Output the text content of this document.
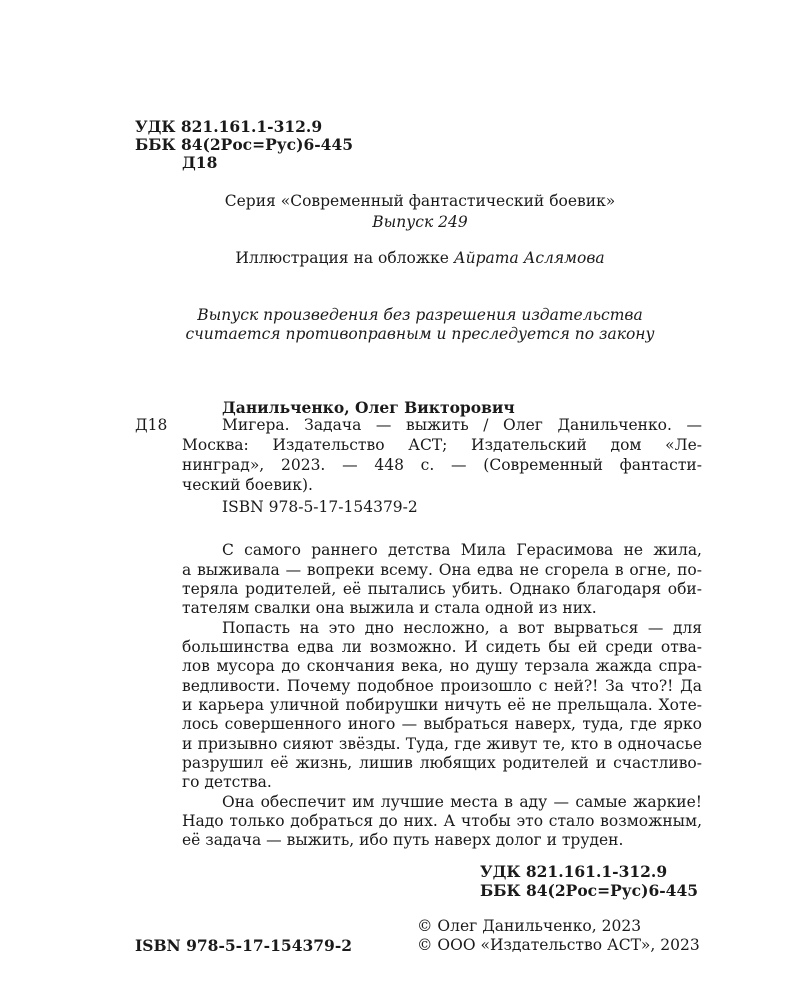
УДК 821.161.1-312.9
ББК 84(2Рос=Рус)6-445
Д18
Серия «Современный фантастический боевик»
Выпуск 249
Иллюстрация на обложке Айрата Аслямова
Выпуск произведения без разрешения издательства
считается противоправным и преследуется по закону
Данильченко, Олег Викторович
Д18	Мигера. Задача — выжить / Олег Данильченко. —
Москва: Издательство АСТ; Издательский дом «Ле-
нинград», 2023. — 448 с. — (Современный фантасти-
ческий боевик).
ISBN 978-5-17-154379-2
С самого раннего детства Мила Герасимова не жила,
а выживала — вопреки всему. Она едва не сгорела в огне, по-
теряла родителей, её пытались убить. Однако благодаря оби-
тателям свалки она выжила и стала одной из них.
Попасть на это дно несложно, а вот вырваться — для
большинства едва ли возможно. И сидеть бы ей среди отва-
лов мусора до скончания века, но душу терзала жажда спра-
ведливости. Почему подобное произошло с ней?! За что?! Да
и карьера уличной побирушки ничуть её не прельщала. Хоте-
лось совершенного иного — выбраться наверх, туда, где ярко
и призывно сияют звёзды. Туда, где живут те, кто в одночасье
разрушил её жизнь, лишив любящих родителей и счастливо-
го детства.
Она обеспечит им лучшие места в аду — самые жаркие!
Надо только добраться до них. А чтобы это стало возможным,
её задача — выжить, ибо путь наверх долог и труден.
УДК 821.161.1-312.9
ББК 84(2Рос=Рус)6-445
© Олег Данильченко, 2023
ISBN 978-5-17-154379-2	© ООО «Издательство АСТ», 2023
